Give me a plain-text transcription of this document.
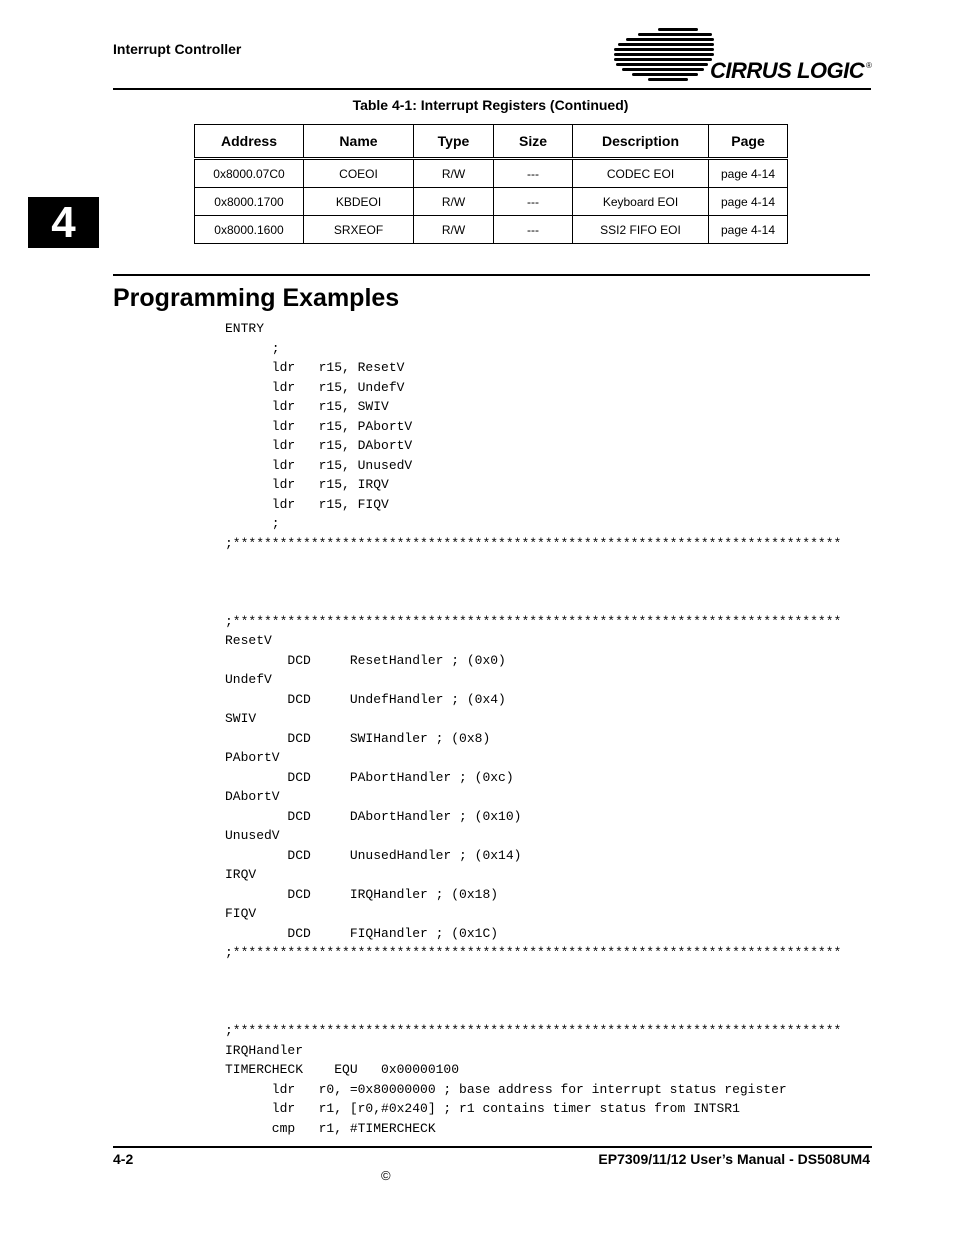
Interrupt Controller
CIRRUS LOGIC ®
Table 4-1: Interrupt Registers (Continued)
Address	Name	Type	Size	Description	Page
0x8000.07C0	COEOI	R/W	---	CODEC EOI	page 4-14
0x8000.1700	KBDEOI	R/W	---	Keyboard EOI	page 4-14
0x8000.1600	SRXEOF	R/W	---	SSI2 FIFO EOI	page 4-14
4
Programming Examples
ENTRY
;
ldr   r15, ResetV
ldr   r15, UndefV
ldr   r15, SWIV
ldr   r15, PAbortV
ldr   r15, DAbortV
ldr   r15, UnusedV
ldr   r15, IRQV
ldr   r15, FIQV
;
;******************************************************************************

;******************************************************************************
ResetV
DCD     ResetHandler ; (0x0)
UndefV
DCD     UndefHandler ; (0x4)
SWIV
DCD     SWIHandler ; (0x8)
PAbortV
DCD     PAbortHandler ; (0xc)
DAbortV
DCD     DAbortHandler ; (0x10)
UnusedV
DCD     UnusedHandler ; (0x14)
IRQV
DCD     IRQHandler ; (0x18)
FIQV
DCD     FIQHandler ; (0x1C)
;******************************************************************************

;******************************************************************************
IRQHandler
TIMERCHECK    EQU   0x00000100
ldr   r0, =0x80000000 ; base address for interrupt status register
ldr   r1, [r0,#0x240] ; r1 contains timer status from INTSR1
cmp   r1, #TIMERCHECK
4-2	EP7309/11/12 User’s Manual - DS508UM4
©
